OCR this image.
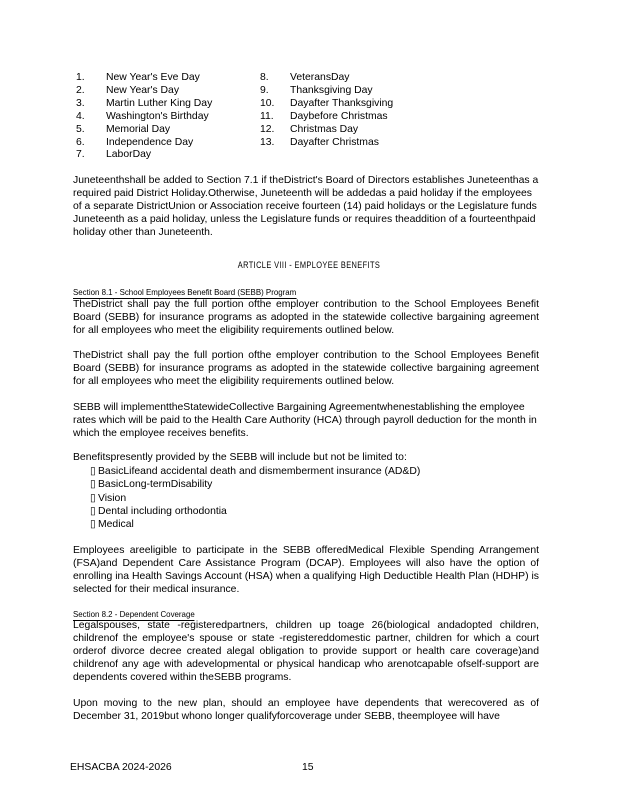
1.	New Year's Eve Day
2.	New Year's Day
3.	Martin Luther King Day
4.	Washington's Birthday
5.	Memorial Day
6.	Independence Day
7.	LaborDay
8.	VeteransDay
9.	Thanksgiving Day
10.	Dayafter Thanksgiving
11.	Daybefore Christmas
12.	Christmas Day
13.	Dayafter Christmas

Juneteenthshall be added to Section 7.1 if theDistrict's Board of Directors establishes Juneteenthas a required paid District Holiday.Otherwise, Juneteenth will be addedas a paid holiday if the employees of a separate DistrictUnion or Association receive fourteen (14) paid holidays or the Legislature funds Juneteenth as a paid holiday, unless the Legislature funds or requires theaddition of a fourteenthpaid holiday other than Juneteenth.

ARTICLE VIII - EMPLOYEE BENEFITS
Section 8.1 - School Employees Benefit Board (SEBB) Program

TheDistrict shall pay the full portion ofthe employer contribution to the School Employees Benefit Board (SEBB) for insurance programs as adopted in the statewide collective bargaining agreement for all employees who meet the eligibility requirements outlined below.

TheDistrict shall pay the full portion ofthe employer contribution to the School Employees Benefit Board (SEBB) for insurance programs as adopted in the statewide collective bargaining agreement for all employees who meet the eligibility requirements outlined below.

SEBB will implementtheStatewideCollective Bargaining Agreementwhenestablishing the employee rates which will be paid to the Health Care Authority (HCA) through payroll deduction for the month in which the employee receives benefits.

Benefitspresently provided by the SEBB will include but not be limited to:

▯ BasicLifeand accidental death and dismemberment insurance (AD&D)
▯ BasicLong-termDisability
▯ Vision
▯ Dental including orthodontia
▯ Medical

Employees areeligible to participate in the SEBB offeredMedical Flexible Spending Arrangement (FSA)and Dependent Care Assistance Program (DCAP). Employees will also have the option of enrolling ina Health Savings Account (HSA) when a qualifying High Deductible Health Plan (HDHP) is selected for their medical insurance.

Section 8.2 - Dependent Coverage

Legalspouses, state -registeredpartners, children up toage 26(biological andadopted children, childrenof the employee's spouse or state -registereddomestic partner, children for which a court orderof divorce decree created alegal obligation to provide support or health care coverage)and childrenof any age with adevelopmental or physical handicap who arenotcapable ofself-support are dependents covered within theSEBB programs.

Upon moving to the new plan, should an employee have dependents that werecovered as of December 31, 2019but whono longer qualifyforcoverage under SEBB, theemployee will have

EHSACBA 2024-2026	15
